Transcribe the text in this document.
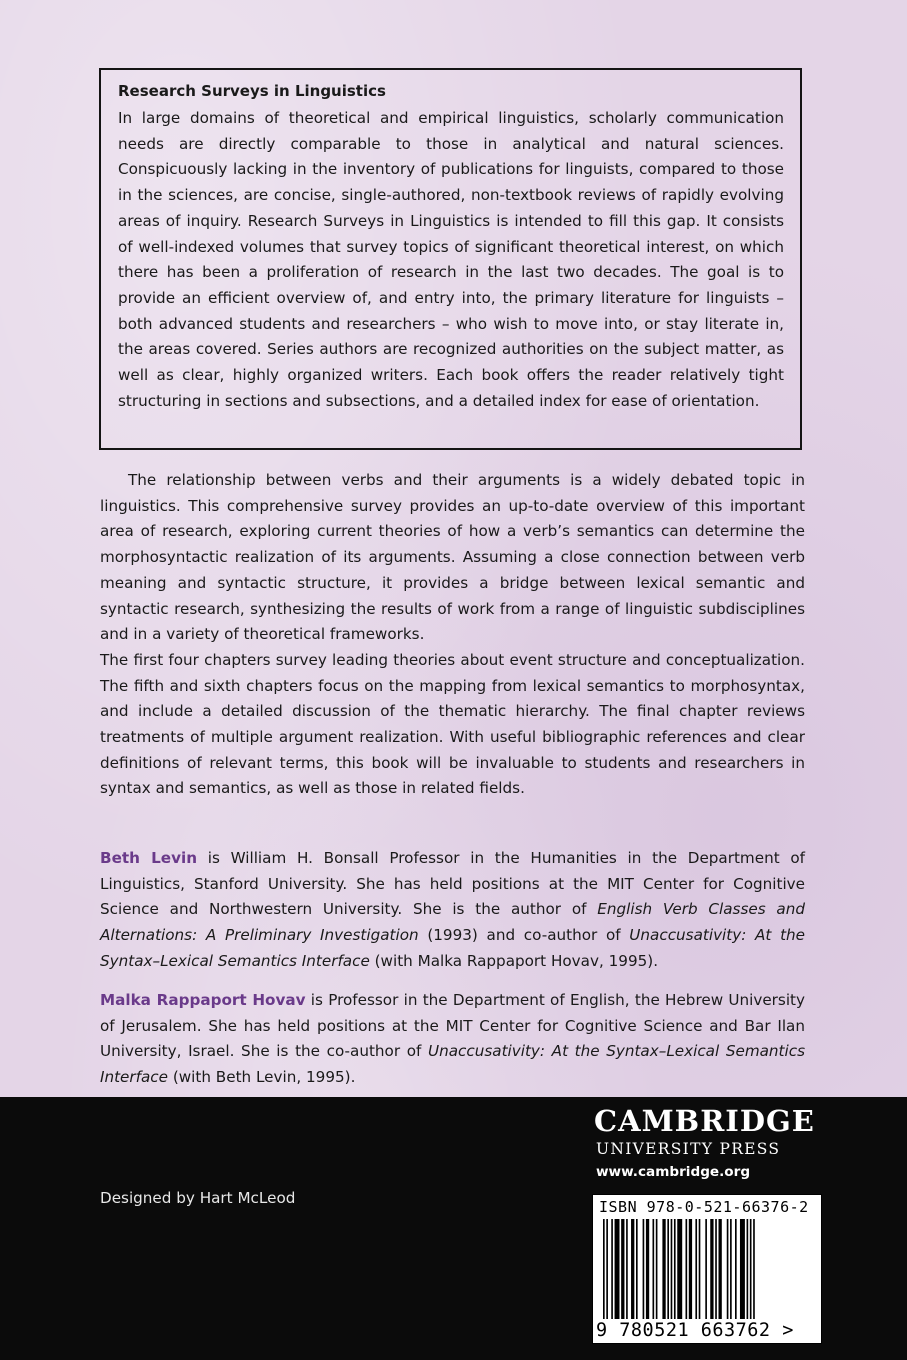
Research Surveys in Linguistics

In large domains of theoretical and empirical linguistics, scholarly communication needs are directly comparable to those in analytical and natural sciences. Conspicuously lacking in the inventory of publications for linguists, compared to those in the sciences, are concise, single-authored, non-textbook reviews of rapidly evolving areas of inquiry. Research Surveys in Linguistics is intended to fill this gap. It consists of well-indexed volumes that survey topics of significant theoretical interest, on which there has been a proliferation of research in the last two decades. The goal is to provide an efficient overview of, and entry into, the primary literature for linguists – both advanced students and researchers – who wish to move into, or stay literate in, the areas covered. Series authors are recognized authorities on the subject matter, as well as clear, highly organized writers. Each book offers the reader relatively tight structuring in sections and subsections, and a detailed index for ease of orientation.

The relationship between verbs and their arguments is a widely debated topic in linguistics. This comprehensive survey provides an up-to-date overview of this important area of research, exploring current theories of how a verb’s semantics can determine the morphosyntactic realization of its arguments. Assuming a close connection between verb meaning and syntactic structure, it provides a bridge between lexical semantic and syntactic research, synthesizing the results of work from a range of linguistic subdisciplines and in a variety of theoretical frameworks.

The first four chapters survey leading theories about event structure and conceptualization. The fifth and sixth chapters focus on the mapping from lexical semantics to morphosyntax, and include a detailed discussion of the thematic hierarchy. The final chapter reviews treatments of multiple argument realization. With useful bibliographic references and clear definitions of relevant terms, this book will be invaluable to students and researchers in syntax and semantics, as well as those in related fields.

Beth Levin is William H. Bonsall Professor in the Humanities in the Department of Linguistics, Stanford University. She has held positions at the MIT Center for Cognitive Science and Northwestern University. She is the author of English Verb Classes and Alternations: A Preliminary Investigation (1993) and co-author of Unaccusativity: At the Syntax–Lexical Semantics Interface (with Malka Rappaport Hovav, 1995).

Malka Rappaport Hovav is Professor in the Department of English, the Hebrew University of Jerusalem. She has held positions at the MIT Center for Cognitive Science and Bar Ilan University, Israel. She is the co-author of Unaccusativity: At the Syntax–Lexical Semantics Interface (with Beth Levin, 1995).

Designed by Hart McLeod
CAMBRIDGE
UNIVERSITY PRESS
www.cambridge.org
ISBN 978-0-521-66376-2
9 780521 663762 >
